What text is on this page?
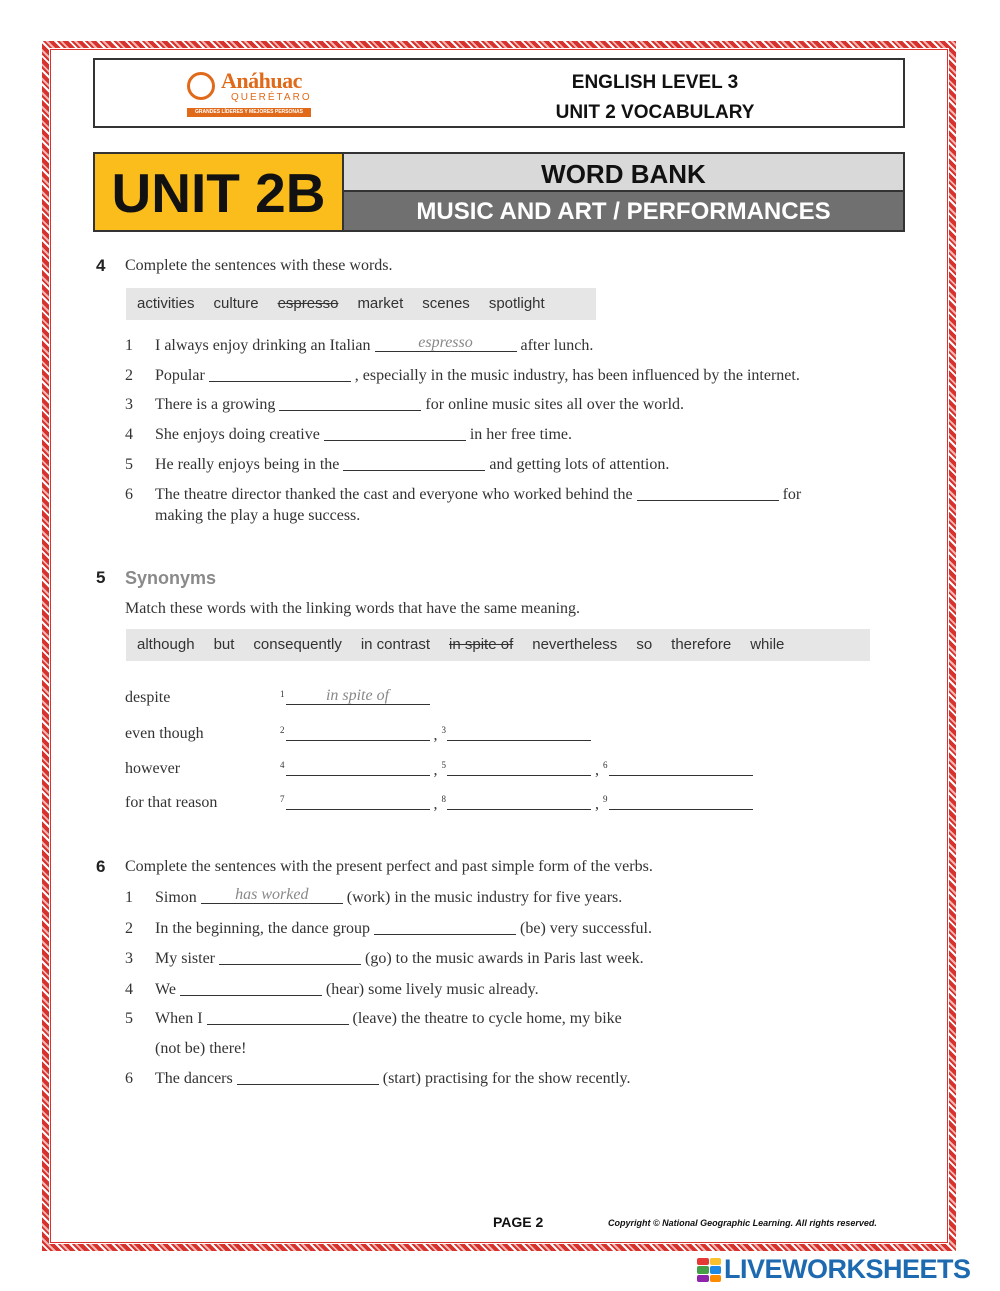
Anáhuac
QUERÉTARO
GRANDES LÍDERES Y MEJORES PERSONAS
ENGLISH LEVEL 3
UNIT 2 VOCABULARY
UNIT 2B	WORD BANK
MUSIC AND ART / PERFORMANCES
4 Complete the sentences with these words.
activities culture espresso market scenes spotlight
1 I always enjoy drinking an Italian	espresso	after lunch.
2 Popular	, especially in the music industry, has been influenced by the internet.
3 There is a growing	for online music sites all over the world.
4 She enjoys doing creative	in her free time.
5 He really enjoys being in the	and getting lots of attention.
6 The theatre director thanked the cast and everyone who worked behind the	for
making the play a huge success.
5 Synonyms
Match these words with the linking words that have the same meaning.
although but consequently in contrast in spite of nevertheless so therefore while
despite	$^1$	in spite of
even though	$^2$	, $^3$
however	$^4$	, $^5$	, $^6$
for that reason	$^7$	, $^8$	, $^9$
6 Complete the sentences with the present perfect and past simple form of the verbs.
1 Simon has worked (work) in the music industry for five years.
2 In the beginning, the dance group	(be) very successful.
3 My sister	(go) to the music awards in Paris last week.
4 We	(hear) some lively music already.
5 When I	(leave) the theatre to cycle home, my bike
(not be) there!
6 The dancers	(start) practising for the show recently.
PAGE 2	Copyright © National Geographic Learning. All rights reserved.
LIVEWORKSHEETS
